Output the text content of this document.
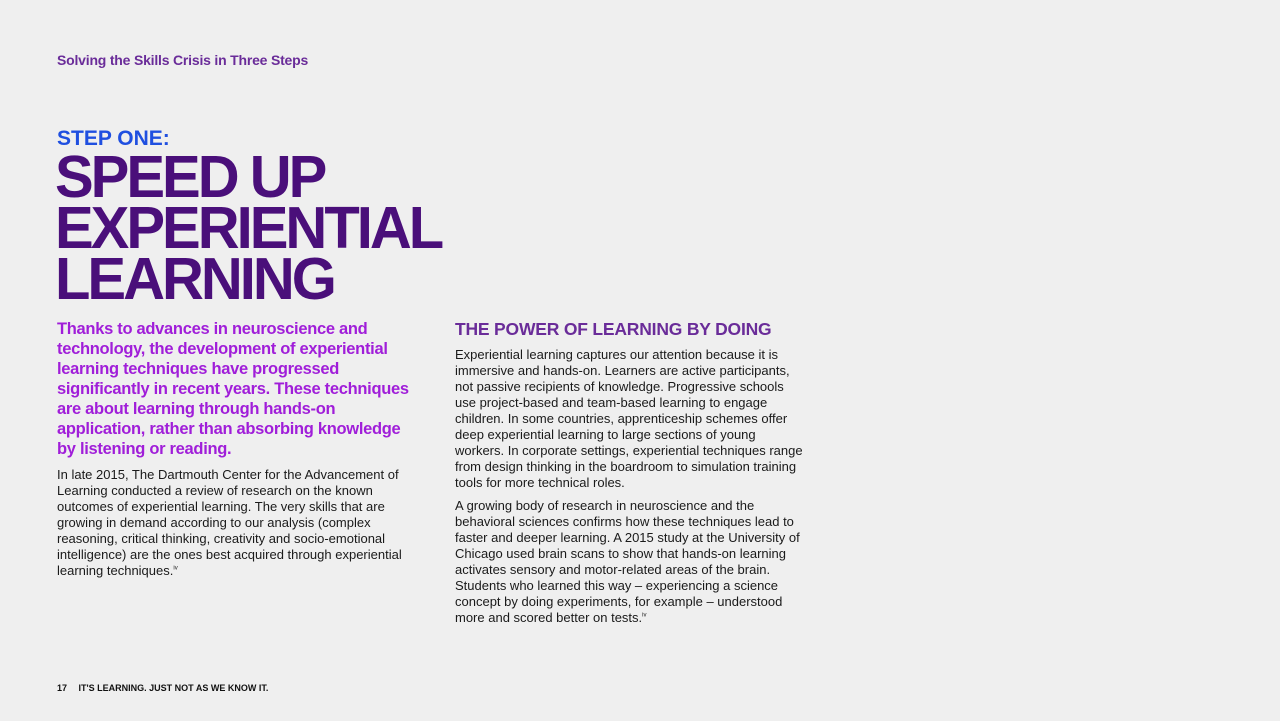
Solving the Skills Crisis in Three Steps
STEP ONE:
SPEED UP
EXPERIENTIAL
LEARNING
Thanks to advances in neuroscience and technology, the development of experiential learning techniques have progressed significantly in recent years. These techniques are about learning through hands-on application, rather than absorbing knowledge by listening or reading.
In late 2015, The Dartmouth Center for the Advancement of Learning conducted a review of research on the known outcomes of experiential learning. The very skills that are growing in demand according to our analysis (complex reasoning, critical thinking, creativity and socio-emotional intelligence) are the ones best acquired through experiential learning techniques.$^{iv}$
THE POWER OF LEARNING BY DOING

Experiential learning captures our attention because it is immersive and hands-on. Learners are active participants, not passive recipients of knowledge. Progressive schools use project-based and team-based learning to engage children. In some countries, apprenticeship schemes offer deep experiential learning to large sections of young workers. In corporate settings, experiential techniques range from design thinking in the boardroom to simulation training tools for more technical roles.

A growing body of research in neuroscience and the behavioral sciences confirms how these techniques lead to faster and deeper learning. A 2015 study at the University of Chicago used brain scans to show that hands-on learning activates sensory and motor-related areas of the brain. Students who learned this way – experiencing a science concept by doing experiments, for example – understood more and scored better on tests.$^{iv}$

17 IT'S LEARNING. JUST NOT AS WE KNOW IT.
